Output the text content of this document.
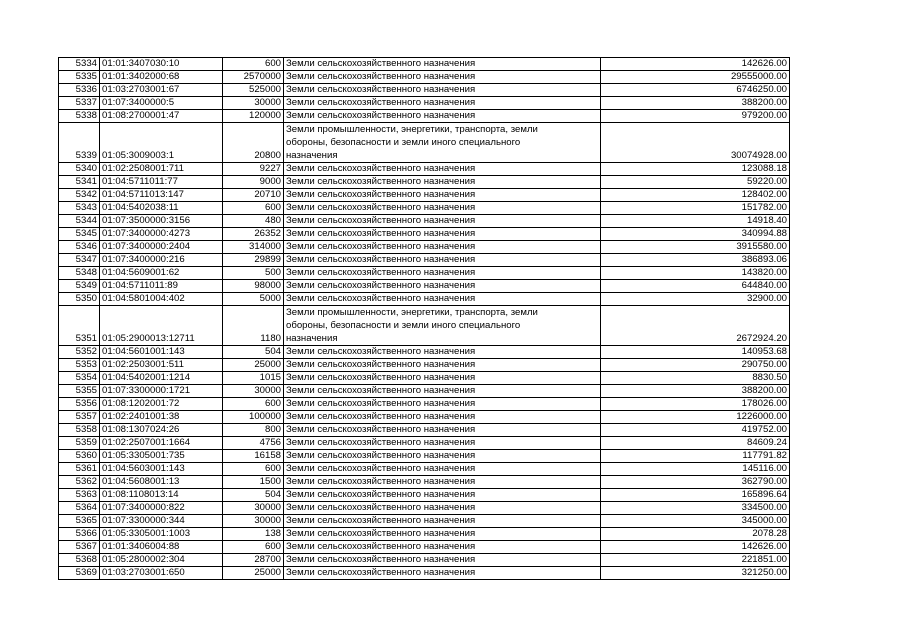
5334	01:01:3407030:10	600	Земли сельскохозяйственного назначения	142626.00
5335	01:01:3402000:68	2570000	Земли сельскохозяйственного назначения	29555000.00
5336	01:03:2703001:67	525000	Земли сельскохозяйственного назначения	6746250.00
5337	01:07:3400000:5	30000	Земли сельскохозяйственного назначения	388200.00
5338	01:08:2700001:47	120000	Земли сельскохозяйственного назначения	979200.00
5339	01:05:3009003:1	20800	Земли промышленности, энергетики, транспорта, земли
обороны, безопасности и земли иного специального
назначения	30074928.00
5340	01:02:2508001:711	9227	Земли сельскохозяйственного назначения	123088.18
5341	01:04:5711011:77	9000	Земли сельскохозяйственного назначения	59220.00
5342	01:04:5711013:147	20710	Земли сельскохозяйственного назначения	128402.00
5343	01:04:5402038:11	600	Земли сельскохозяйственного назначения	151782.00
5344	01:07:3500000:3156	480	Земли сельскохозяйственного назначения	14918.40
5345	01:07:3400000:4273	26352	Земли сельскохозяйственного назначения	340994.88
5346	01:07:3400000:2404	314000	Земли сельскохозяйственного назначения	3915580.00
5347	01:07:3400000:216	29899	Земли сельскохозяйственного назначения	386893.06
5348	01:04:5609001:62	500	Земли сельскохозяйственного назначения	143820.00
5349	01:04:5711011:89	98000	Земли сельскохозяйственного назначения	644840.00
5350	01:04:5801004:402	5000	Земли сельскохозяйственного назначения	32900.00
5351	01:05:2900013:12711	1180	Земли промышленности, энергетики, транспорта, земли
обороны, безопасности и земли иного специального
назначения	2672924.20
5352	01:04:5601001:143	504	Земли сельскохозяйственного назначения	140953.68
5353	01:02:2503001:511	25000	Земли сельскохозяйственного назначения	290750.00
5354	01:04:5402001:1214	1015	Земли сельскохозяйственного назначения	8830.50
5355	01:07:3300000:1721	30000	Земли сельскохозяйственного назначения	388200.00
5356	01:08:1202001:72	600	Земли сельскохозяйственного назначения	178026.00
5357	01:02:2401001:38	100000	Земли сельскохозяйственного назначения	1226000.00
5358	01:08:1307024:26	800	Земли сельскохозяйственного назначения	419752.00
5359	01:02:2507001:1664	4756	Земли сельскохозяйственного назначения	84609.24
5360	01:05:3305001:735	16158	Земли сельскохозяйственного назначения	117791.82
5361	01:04:5603001:143	600	Земли сельскохозяйственного назначения	145116.00
5362	01:04:5608001:13	1500	Земли сельскохозяйственного назначения	362790.00
5363	01:08:1108013:14	504	Земли сельскохозяйственного назначения	165896.64
5364	01:07:3400000:822	30000	Земли сельскохозяйственного назначения	334500.00
5365	01:07:3300000:344	30000	Земли сельскохозяйственного назначения	345000.00
5366	01:05:3305001:1003	138	Земли сельскохозяйственного назначения	2078.28
5367	01:01:3406004:88	600	Земли сельскохозяйственного назначения	142626.00
5368	01:05:2800002:304	28700	Земли сельскохозяйственного назначения	221851.00
5369	01:03:2703001:650	25000	Земли сельскохозяйственного назначения	321250.00
